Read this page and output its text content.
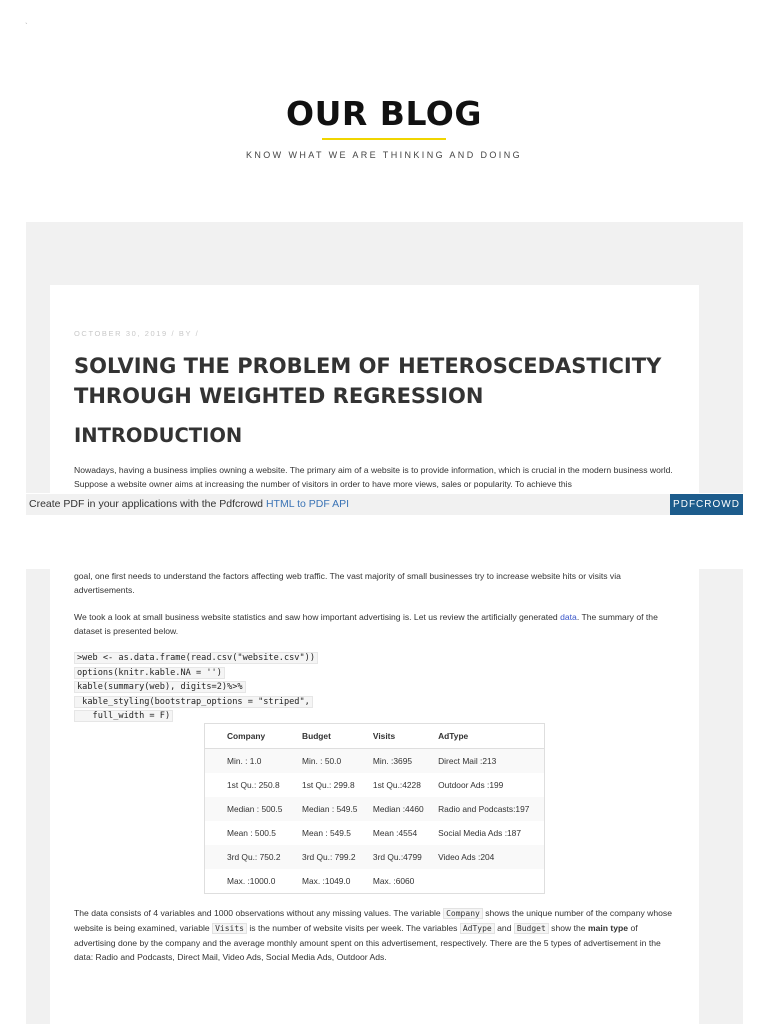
`
OUR BLOG
KNOW WHAT WE ARE THINKING AND DOING
OCTOBER 30, 2019 / BY /
SOLVING THE PROBLEM OF HETEROSCEDASTICITY THROUGH WEIGHTED REGRESSION
INTRODUCTION

Nowadays, having a business implies owning a website. The primary aim of a website is to provide information, which is crucial in the modern business world. Suppose a website owner aims at increasing the number of visitors in order to have more views, sales or popularity. To achieve this

Create PDF in your applications with the Pdfcrowd HTML to PDF API	PDFCROWD

goal, one first needs to understand the factors affecting web traffic. The vast majority of small businesses try to increase website hits or visits via advertisements.

We took a look at small business website statistics and saw how important advertising is. Let us review the artificially generated data. The summary of the dataset is presented below.

>web <- as.data.frame(read.csv("website.csv"))
options(knitr.kable.NA = '')
kable(summary(web), digits=2)%>%
kable_styling(bootstrap_options = "striped",
full_width = F)
Company	Budget	Visits	AdType
Min. : 1.0	Min. : 50.0	Min. :3695	Direct Mail :213
1st Qu.: 250.8	1st Qu.: 299.8	1st Qu.:4228	Outdoor Ads :199
Median : 500.5	Median : 549.5	Median :4460	Radio and Podcasts:197
Mean : 500.5	Mean : 549.5	Mean :4554	Social Media Ads :187
3rd Qu.: 750.2	3rd Qu.: 799.2	3rd Qu.:4799	Video Ads :204
Max. :1000.0	Max. :1049.0	Max. :6060	

The data consists of 4 variables and 1000 observations without any missing values. The variable Company shows the unique number of the company whose website is being examined, variable Visits is the number of website visits per week. The variables AdType and Budget show the main type of advertising done by the company and the average monthly amount spent on this advertisement, respectively. There are the 5 types of advertisement in the data: Radio and Podcasts, Direct Mail, Video Ads, Social Media Ads, Outdoor Ads.
